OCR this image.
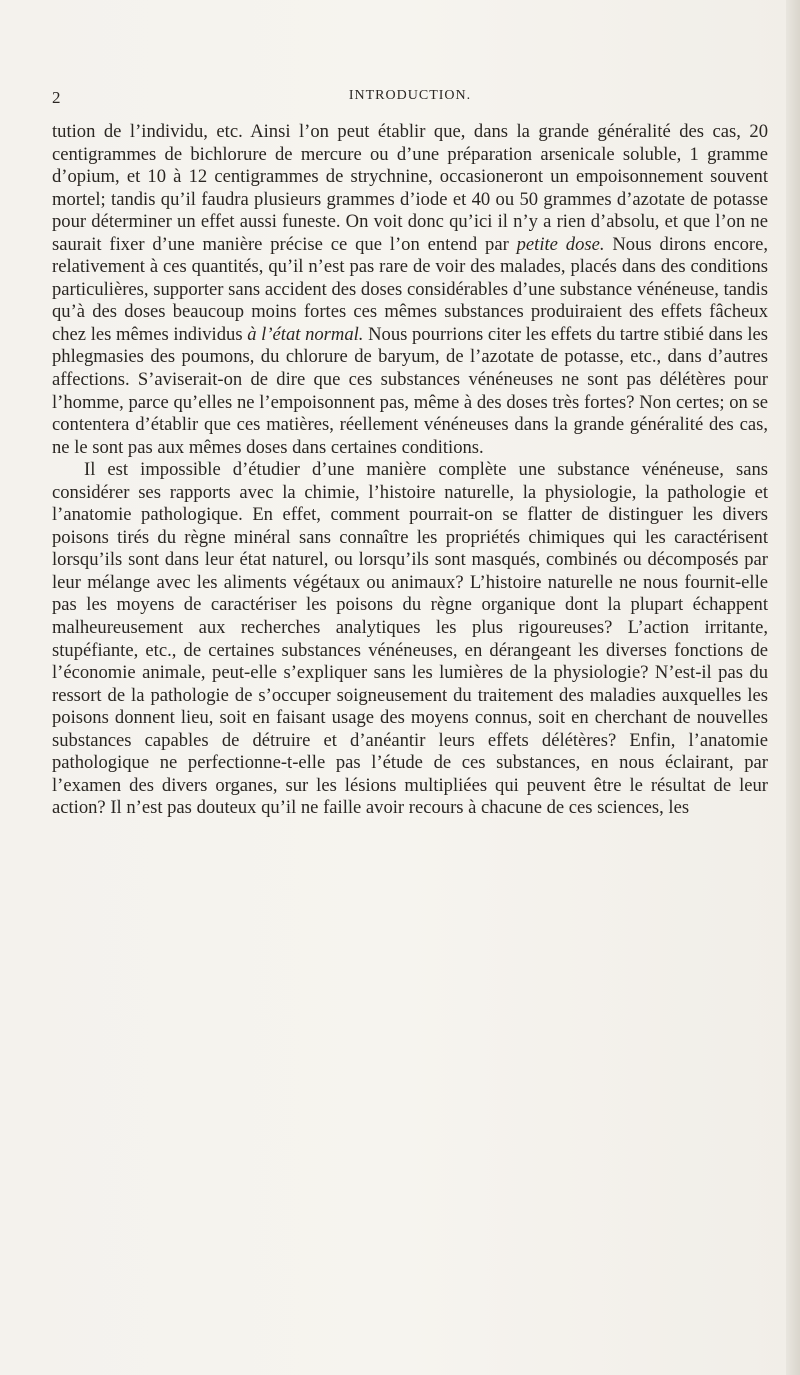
2	INTRODUCTION.

tution de l’individu, etc. Ainsi l’on peut établir que, dans la grande généralité des cas, 20 centigrammes de bichlorure de mercure ou d’une préparation arsenicale soluble, 1 gramme d’opium, et 10 à 12 centigrammes de strychnine, occasioneront un empoisonnement souvent mortel; tandis qu’il faudra plusieurs grammes d’iode et 40 ou 50 grammes d’azotate de potasse pour déterminer un effet aussi funeste. On voit donc qu’ici il n’y a rien d’absolu, et que l’on ne saurait fixer d’une manière précise ce que l’on entend par petite dose. Nous dirons encore, relativement à ces quantités, qu’il n’est pas rare de voir des malades, placés dans des conditions particulières, supporter sans accident des doses considérables d’une substance vénéneuse, tandis qu’à des doses beaucoup moins fortes ces mêmes substances produiraient des effets fâcheux chez les mêmes individus à l’état normal. Nous pourrions citer les effets du tartre stibié dans les phlegmasies des poumons, du chlorure de baryum, de l’azotate de potasse, etc., dans d’autres affections. S’aviserait-on de dire que ces substances vénéneuses ne sont pas délétères pour l’homme, parce qu’elles ne l’empoisonnent pas, même à des doses très fortes? Non certes; on se contentera d’établir que ces matières, réellement vénéneuses dans la grande généralité des cas, ne le sont pas aux mêmes doses dans certaines conditions.

Il est impossible d’étudier d’une manière complète une substance vénéneuse, sans considérer ses rapports avec la chimie, l’histoire naturelle, la physiologie, la pathologie et l’anatomie pathologique. En effet, comment pourrait-on se flatter de distinguer les divers poisons tirés du règne minéral sans connaître les propriétés chimiques qui les caractérisent lorsqu’ils sont dans leur état naturel, ou lorsqu’ils sont masqués, combinés ou décomposés par leur mélange avec les aliments végétaux ou animaux? L’histoire naturelle ne nous fournit-elle pas les moyens de caractériser les poisons du règne organique dont la plupart échappent malheureusement aux recherches analytiques les plus rigoureuses? L’action irritante, stupéfiante, etc., de certaines substances vénéneuses, en dérangeant les diverses fonctions de l’économie animale, peut-elle s’expliquer sans les lumières de la physiologie? N’est-il pas du ressort de la pathologie de s’occuper soigneusement du traitement des maladies auxquelles les poisons donnent lieu, soit en faisant usage des moyens connus, soit en cherchant de nouvelles substances capables de détruire et d’anéantir leurs effets délétères? Enfin, l’anatomie pathologique ne perfectionne-t-elle pas l’étude de ces substances, en nous éclairant, par l’examen des divers organes, sur les lésions multipliées qui peuvent être le résultat de leur action? Il n’est pas douteux qu’il ne faille avoir recours à chacune de ces sciences, les
